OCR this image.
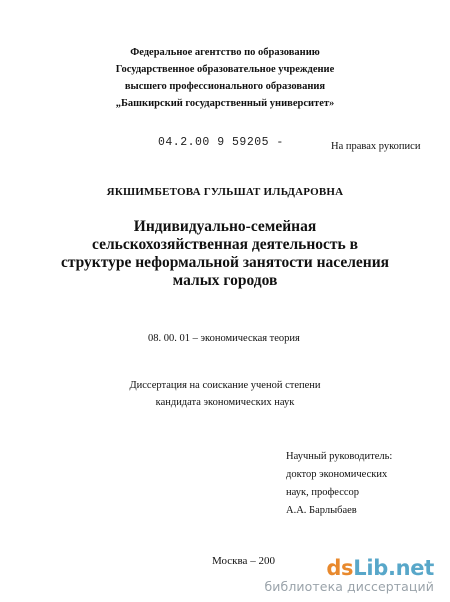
Федеральное агентство по образованию
Государственное образовательное учреждение
высшего профессионального образования
„Башкирский государственный университет»
04.2.00 9 59205 -	На правах рукописи
ЯКШИМБЕТОВА ГУЛЬШАТ ИЛЬДАРОВНА
Индивидуально-семейная
сельскохозяйственная деятельность в
структуре неформальной занятости населения
малых городов
08. 00. 01 – экономическая теория
Диссертация на соискание ученой степени
кандидата экономических наук
Научный руководитель:
доктор экономических
наук, профессор
А.А. Барлыбаев
Москва – 200	dsLib.net
библиотека диссертаций
